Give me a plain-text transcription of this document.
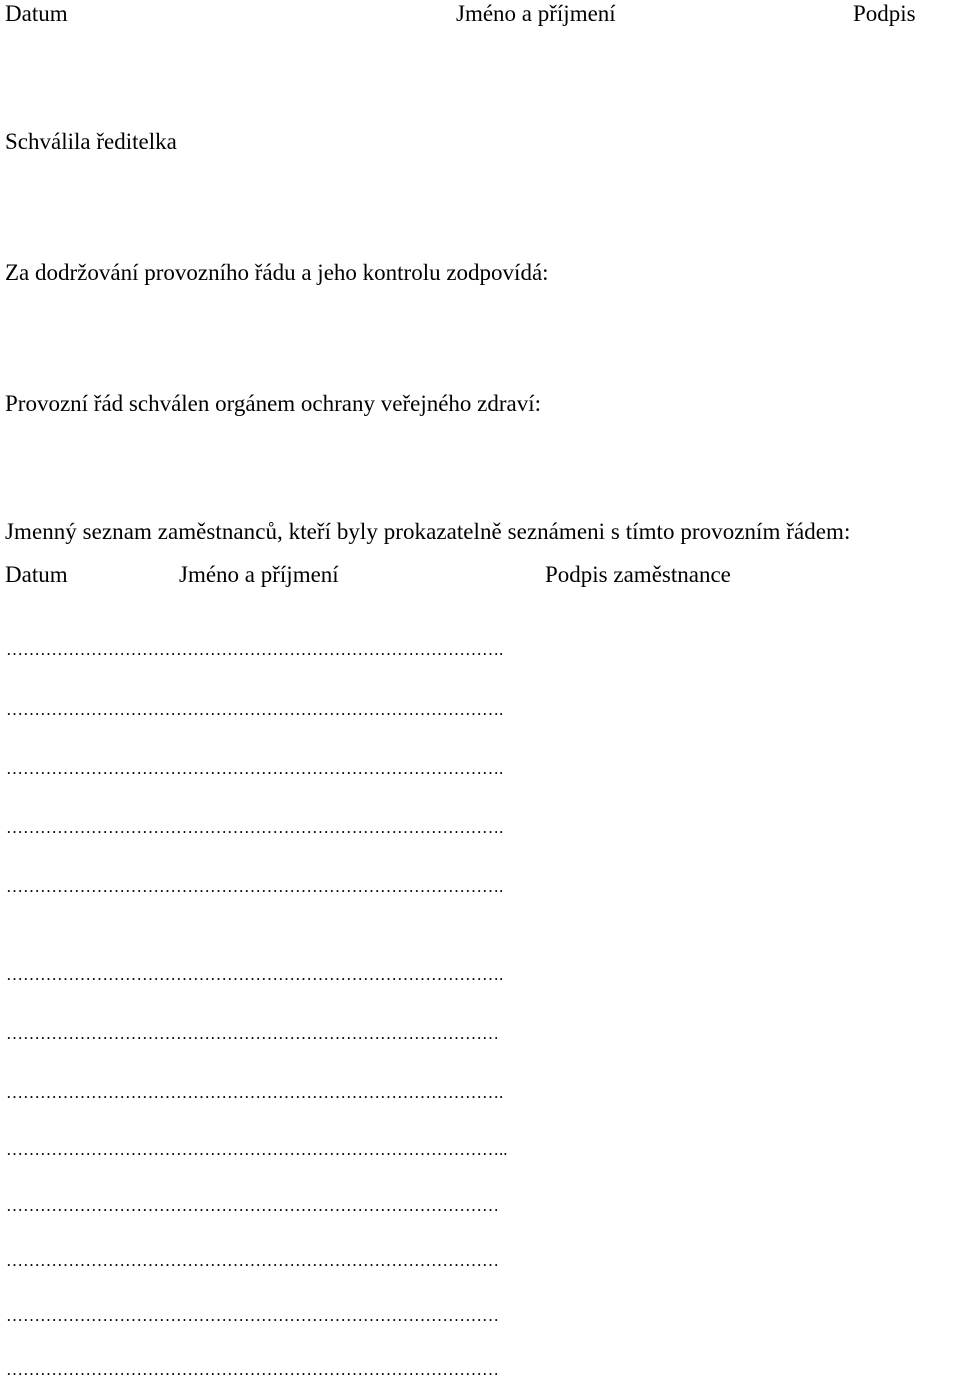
Datum	Jméno a příjmení	Podpis
Schválila ředitelka
Za dodržování provozního řádu a jeho kontrolu zodpovídá:
Provozní řád schválen orgánem ochrany veřejného zdraví:
Jmenný seznam zaměstnanců, kteří byly prokazatelně seznámeni s tímto provozním řádem:
Datum	Jméno a příjmení	Podpis zaměstnance
…………………………………………………………………………….
…………………………………………………………………………….
…………………………………………………………………………….
…………………………………………………………………………….
…………………………………………………………………………….
…………………………………………………………………………….
……………………………………………………………………………
…………………………………………………………………………….
……………………………………………………………………………..
……………………………………………………………………………
……………………………………………………………………………
……………………………………………………………………………
……………………………………………………………………………
